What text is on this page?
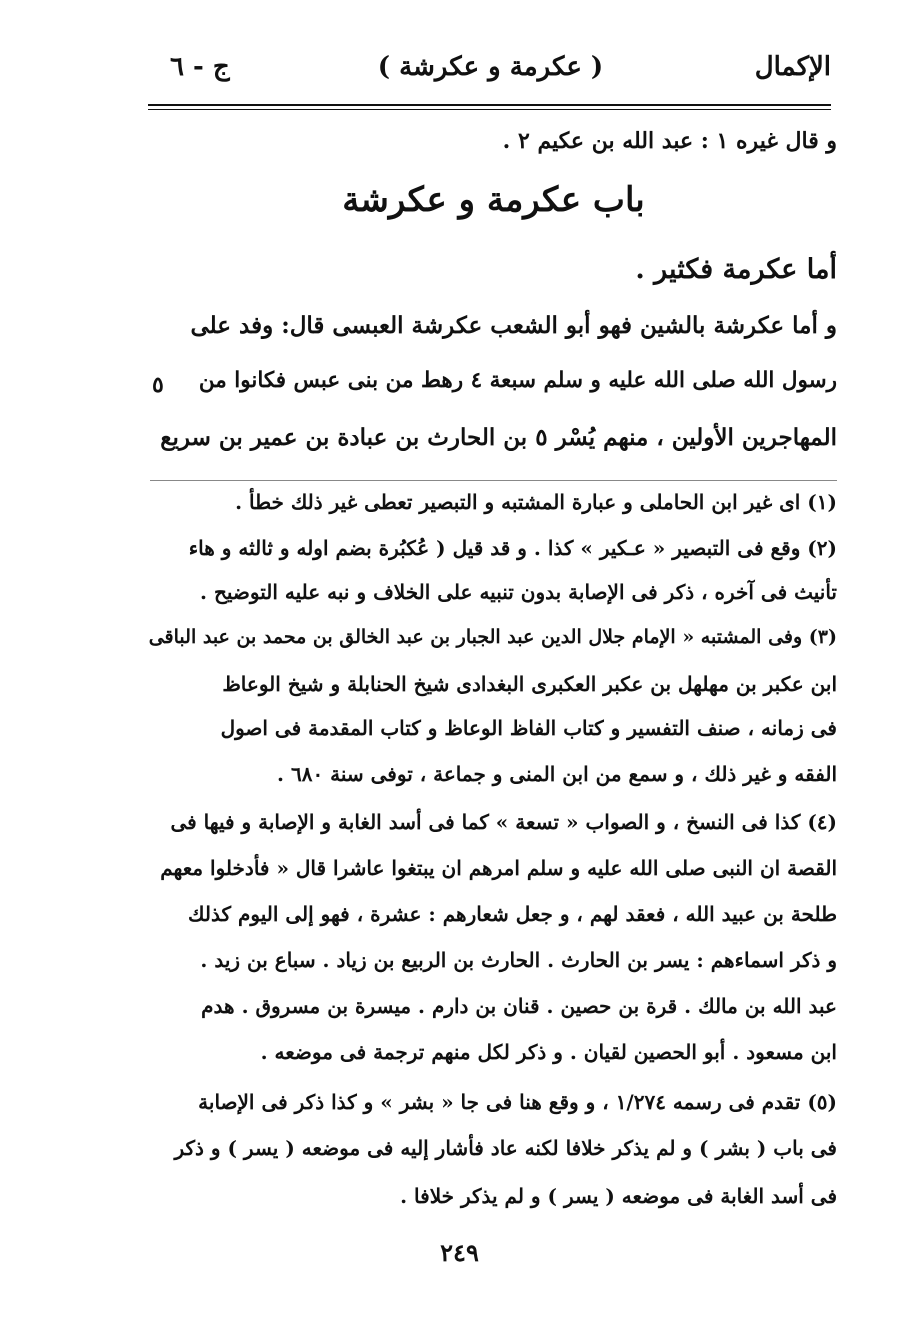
الإكمال
( عكرمة و عكرشة )
ج - ٦
و قال غيره ١ : عبد الله بن عكيم ٢ .
باب عكرمة و عكرشة
أما عكرمة فكثير .
و أما عكرشة بالشين فهو أبو الشعب عكرشة العبسى قال: وفد على
رسول الله صلى الله عليه و سلم سبعة ٤ رهط من بنى عبس فكانوا من
٥
المهاجرين الأولين ، منهم يُسْر ٥ بن الحارث بن عبادة بن عمير بن سريع
(١) اى غير ابن الحاملى و عبارة المشتبه و التبصير تعطى غير ذلك خطأ .
(٢) وقع فى التبصير « عـكير » كذا . و قد قيل ( عُكبُرة بضم اوله و ثالثه و هاء
تأنيث فى آخره ، ذكر فى الإصابة بدون تنبيه على الخلاف و نبه عليه التوضيح .
(٣) وفى المشتبه « الإمام جلال الدين عبد الجبار بن عبد الخالق بن محمد بن عبد الباقى
ابن عكبر بن مهلهل بن عكبر العكبرى البغدادى شيخ الحنابلة و شيخ الوعاظ
فى زمانه ، صنف التفسير و كتاب الفاظ الوعاظ و كتاب المقدمة فى اصول
الفقه و غير ذلك ، و سمع من ابن المنى و جماعة ، توفى سنة ٦٨٠ .
(٤) كذا فى النسخ ، و الصواب « تسعة » كما فى أسد الغابة و الإصابة و فيها فى
القصة ان النبى صلى الله عليه و سلم امرهم ان يبتغوا عاشرا قال « فأدخلوا معهم
طلحة بن عبيد الله ، فعقد لهم ، و جعل شعارهم : عشرة ، فهو إلى اليوم كذلك
و ذكر اسماءهم : يسر بن الحارث . الحارث بن الربيع بن زياد . سباع بن زيد .
عبد الله بن مالك . قرة بن حصين . قنان بن دارم . ميسرة بن مسروق . هدم
ابن مسعود . أبو الحصين لقيان . و ذكر لكل منهم ترجمة فى موضعه .
(٥) تقدم فى رسمه ١/٢٧٤ ، و وقع هنا فى جا « بشر » و كذا ذكر فى الإصابة
فى باب ( بشر ) و لم يذكر خلافا لكنه عاد فأشار إليه فى موضعه ( يسر ) و ذكر
فى أسد الغابة فى موضعه ( يسر ) و لم يذكر خلافا .
٢٤٩
